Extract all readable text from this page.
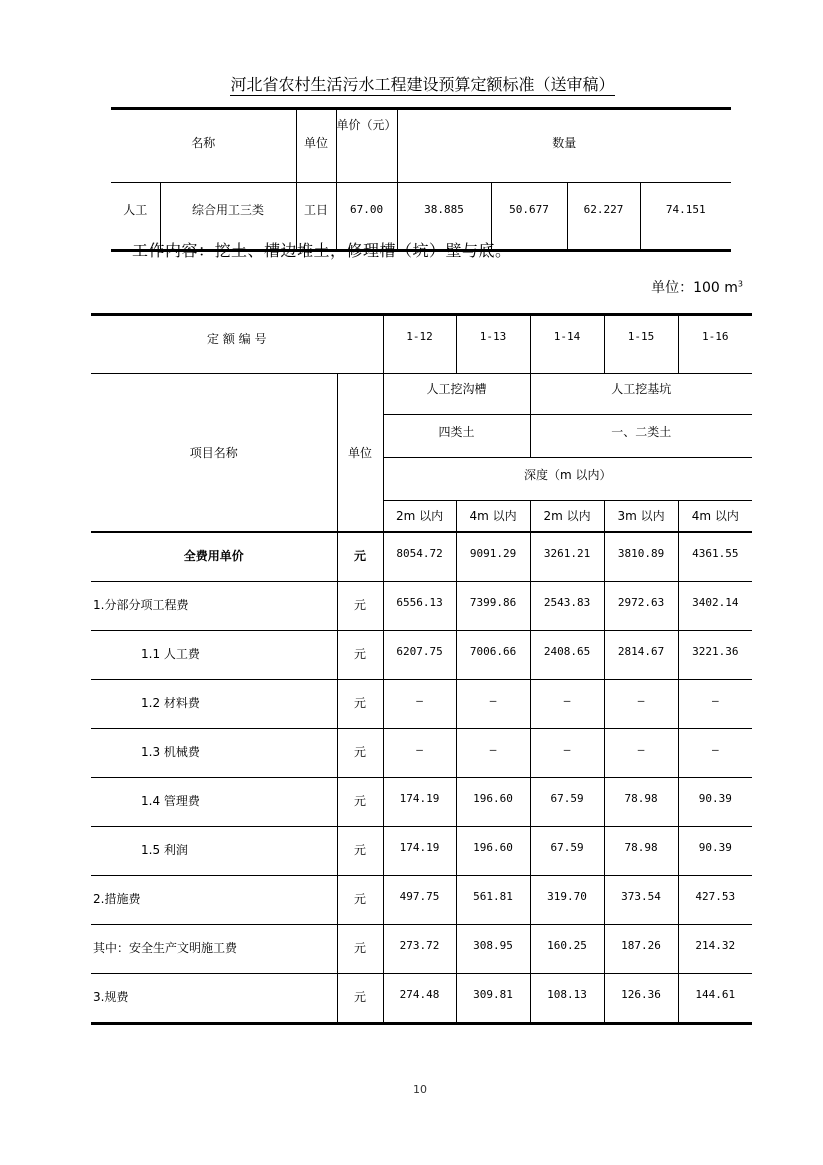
河北省农村生活污水工程建设预算定额标准（送审稿）
名称		单位	单价（元）	数量			
人工	综合用工三类	工日	67.00	38.885	50.677	62.227	74.151
工作内容：挖土、槽边堆土，修理槽（坑）壁与底。
单位：100 $m^3$
定 额 编 号		1-12	1-13	1-14	1-15	1-16
项目名称	单位	人工挖沟槽		人工挖基坑		
		四类土		一、二类土		
		深度（m 以内）				
		2m 以内	4m 以内	2m 以内	3m 以内	4m 以内
全费用单价	元	8054.72	9091.29	3261.21	3810.89	4361.55
1.分部分项工程费	元	6556.13	7399.86	2543.83	2972.63	3402.14
1.1 人工费	元	6207.75	7006.66	2408.65	2814.67	3221.36
1.2 材料费	元	–	–	–	–	–
1.3 机械费	元	–	–	–	–	–
1.4 管理费	元	174.19	196.60	67.59	78.98	90.39
1.5 利润	元	174.19	196.60	67.59	78.98	90.39
2.措施费	元	497.75	561.81	319.70	373.54	427.53
其中：安全生产文明施工费	元	273.72	308.95	160.25	187.26	214.32
3.规费	元	274.48	309.81	108.13	126.36	144.61
10
